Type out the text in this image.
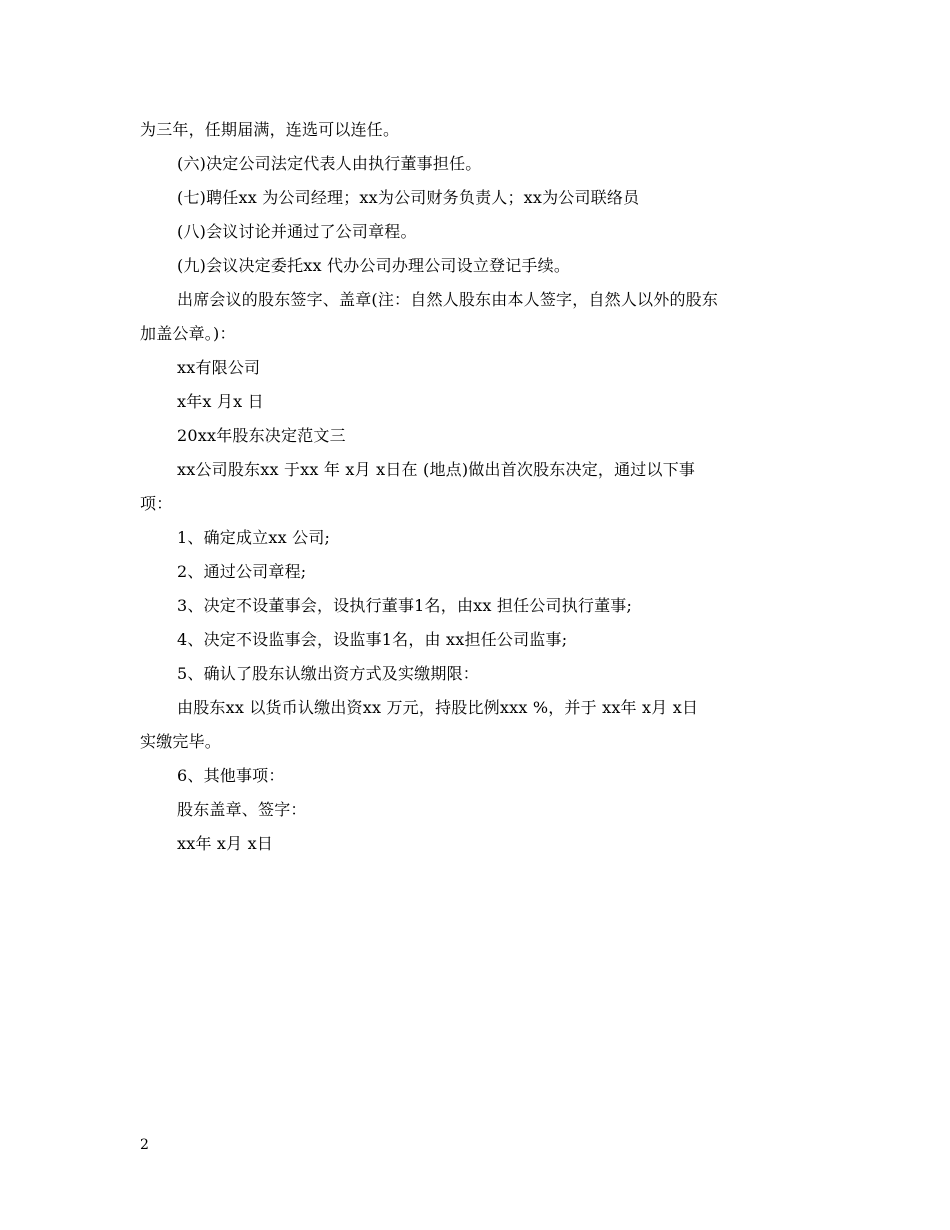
为三年，任期届满，连选可以连任。
(六)决定公司法定代表人由执行董事担任。
(七)聘任xx 为公司经理；xx为公司财务负责人；xx为公司联络员
(八)会议讨论并通过了公司章程。
(九)会议决定委托xx 代办公司办理公司设立登记手续。
出席会议的股东签字、盖章(注：自然人股东由本人签字，自然人以外的股东
加盖公章。)：
xx有限公司
x年x 月x 日
20xx年股东决定范文三
xx公司股东xx 于xx 年 x月 x日在 (地点)做出首次股东决定，通过以下事
项：
1、确定成立xx 公司;
2、通过公司章程;
3、决定不设董事会，设执行董事1名，由xx 担任公司执行董事;
4、决定不设监事会，设监事1名，由 xx担任公司监事;
5、确认了股东认缴出资方式及实缴期限：
由股东xx 以货币认缴出资xx 万元，持股比例xxx %，并于 xx年 x月 x日
实缴完毕。
6、其他事项：
股东盖章、签字：
xx年 x月 x日
2
